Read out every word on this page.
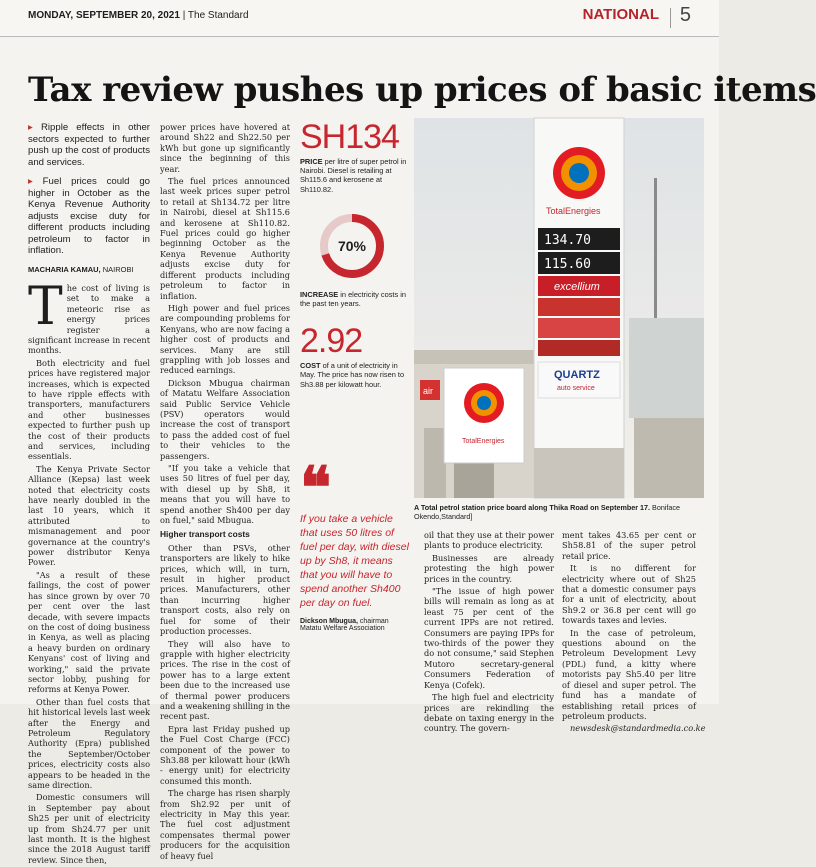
MONDAY, SEPTEMBER 20, 2021 | The Standard	NATIONAL 5
Tax review pushes up prices of basic items
▸ Ripple effects in other sectors expected to further push up the cost of products and services.
▸ Fuel prices could go higher in October as the Kenya Revenue Authority adjusts excise duty for different products including petroleum to factor in inflation.
MACHARIA KAMAU, NAIROBI

The cost of living is set to make a meteoric rise as energy prices register a significant increase in recent months.

Both electricity and fuel prices have registered major increases, which is expected to have ripple effects with transporters, manufacturers and other businesses expected to further push up the cost of their products and services, including essentials.

The Kenya Private Sector Alliance (Kepsa) last week noted that electricity costs have nearly doubled in the last 10 years, which it attributed to mismanagement and poor governance at the country's power distributor Kenya Power.

"As a result of these failings, the cost of power has since grown by over 70 per cent over the last decade, with severe impacts on the cost of doing business in Kenya, as well as placing a heavy burden on ordinary Kenyans' cost of living and working," said the private sector lobby, pushing for reforms at Kenya Power.

Other than fuel costs that hit historical levels last week after the Energy and Petroleum Regulatory Authority (Epra) published the September/October prices, electricity costs also appears to be headed in the same direction.

Domestic consumers will in September pay about Sh25 per unit of electricity up from Sh24.77 per unit last month. It is the highest since the 2018 August tariff review. Since then,

power prices have hovered at around Sh22 and Sh22.50 per kWh but gone up significantly since the beginning of this year.

The fuel prices announced last week prices super petrol to retail at Sh134.72 per litre in Nairobi, diesel at Sh115.6 and kerosene at Sh110.82. Fuel prices could go higher beginning October as the Kenya Revenue Authority adjusts excise duty for different products including petroleum to factor in inflation.

High power and fuel prices are compounding problems for Kenyans, who are now facing a higher cost of products and services. Many are still grappling with job losses and reduced earnings.

Dickson Mbugua chairman of Matatu Welfare Association said Public Service Vehicle (PSV) operators would increase the cost of transport to pass the added cost of fuel to their vehicles to the passengers.

"If you take a vehicle that uses 50 litres of fuel per day, with diesel up by Sh8, it means that you will have to spend another Sh400 per day on fuel," said Mbugua.

Higher transport costs

Other than PSVs, other transporters are likely to hike prices, which will, in turn, result in higher product prices. Manufacturers, other than incurring higher transport costs, also rely on fuel for some of their production processes.

They will also have to grapple with higher electricity prices. The rise in the cost of power has to a large extent been due to the increased use of thermal power producers and a weakening shilling in the recent past.

Epra last Friday pushed up the Fuel Cost Charge (FCC) component of the power to Sh3.88 per kilowatt hour (kWh - energy unit) for electricity consumed this month.

The charge has risen sharply from Sh2.92 per unit of electricity in May this year. The fuel cost adjustment compensates thermal power producers for the acquisition of heavy fuel

SH134
PRICE per litre of super petrol in Nairobi. Diesel is retailing at Sh115.6 and kerosene at Sh110.82.
70%
INCREASE in electricity costs in the past ten years.
2.92
COST of a unit of electricity in May. The price has now risen to Sh3.88 per kilowatt hour.
❝
If you take a vehicle that uses 50 litres of fuel per day, with diesel up by Sh8, it means that you will have to spend another Sh400 per day on fuel.
Dickson Mbugua, chairman Matatu Welfare Association
TotalEnergies
air
TotalEnergies
134.70
115.60
excellium
QUARTZ
auto service
A Total petrol station price board along Thika Road on September 17. Boniface Okendo,Standard]

oil that they use at their power plants to produce electricity.

Businesses are already protesting the high power prices in the country.

"The issue of high power bills will remain as long as at least 75 per cent of the current IPPs are not retired. Consumers are paying IPPs for two-thirds of the power they do not consume," said Stephen Mutoro secretary-general Consumers Federation of Kenya (Cofek).

The high fuel and electricity prices are rekindling the debate on taxing energy in the country. The govern-

ment takes 43.65 per cent or Sh58.81 of the super petrol retail price.

It is no different for electricity where out of Sh25 that a domestic consumer pays for a unit of electricity, about Sh9.2 or 36.8 per cent will go towards taxes and levies.

In the case of petroleum, questions abound on the Petroleum Development Levy (PDL) fund, a kitty where motorists pay Sh5.40 per litre of diesel and super petrol. The fund has a mandate of establishing retail prices of petroleum products.

newsdesk@standardmedia.co.ke
